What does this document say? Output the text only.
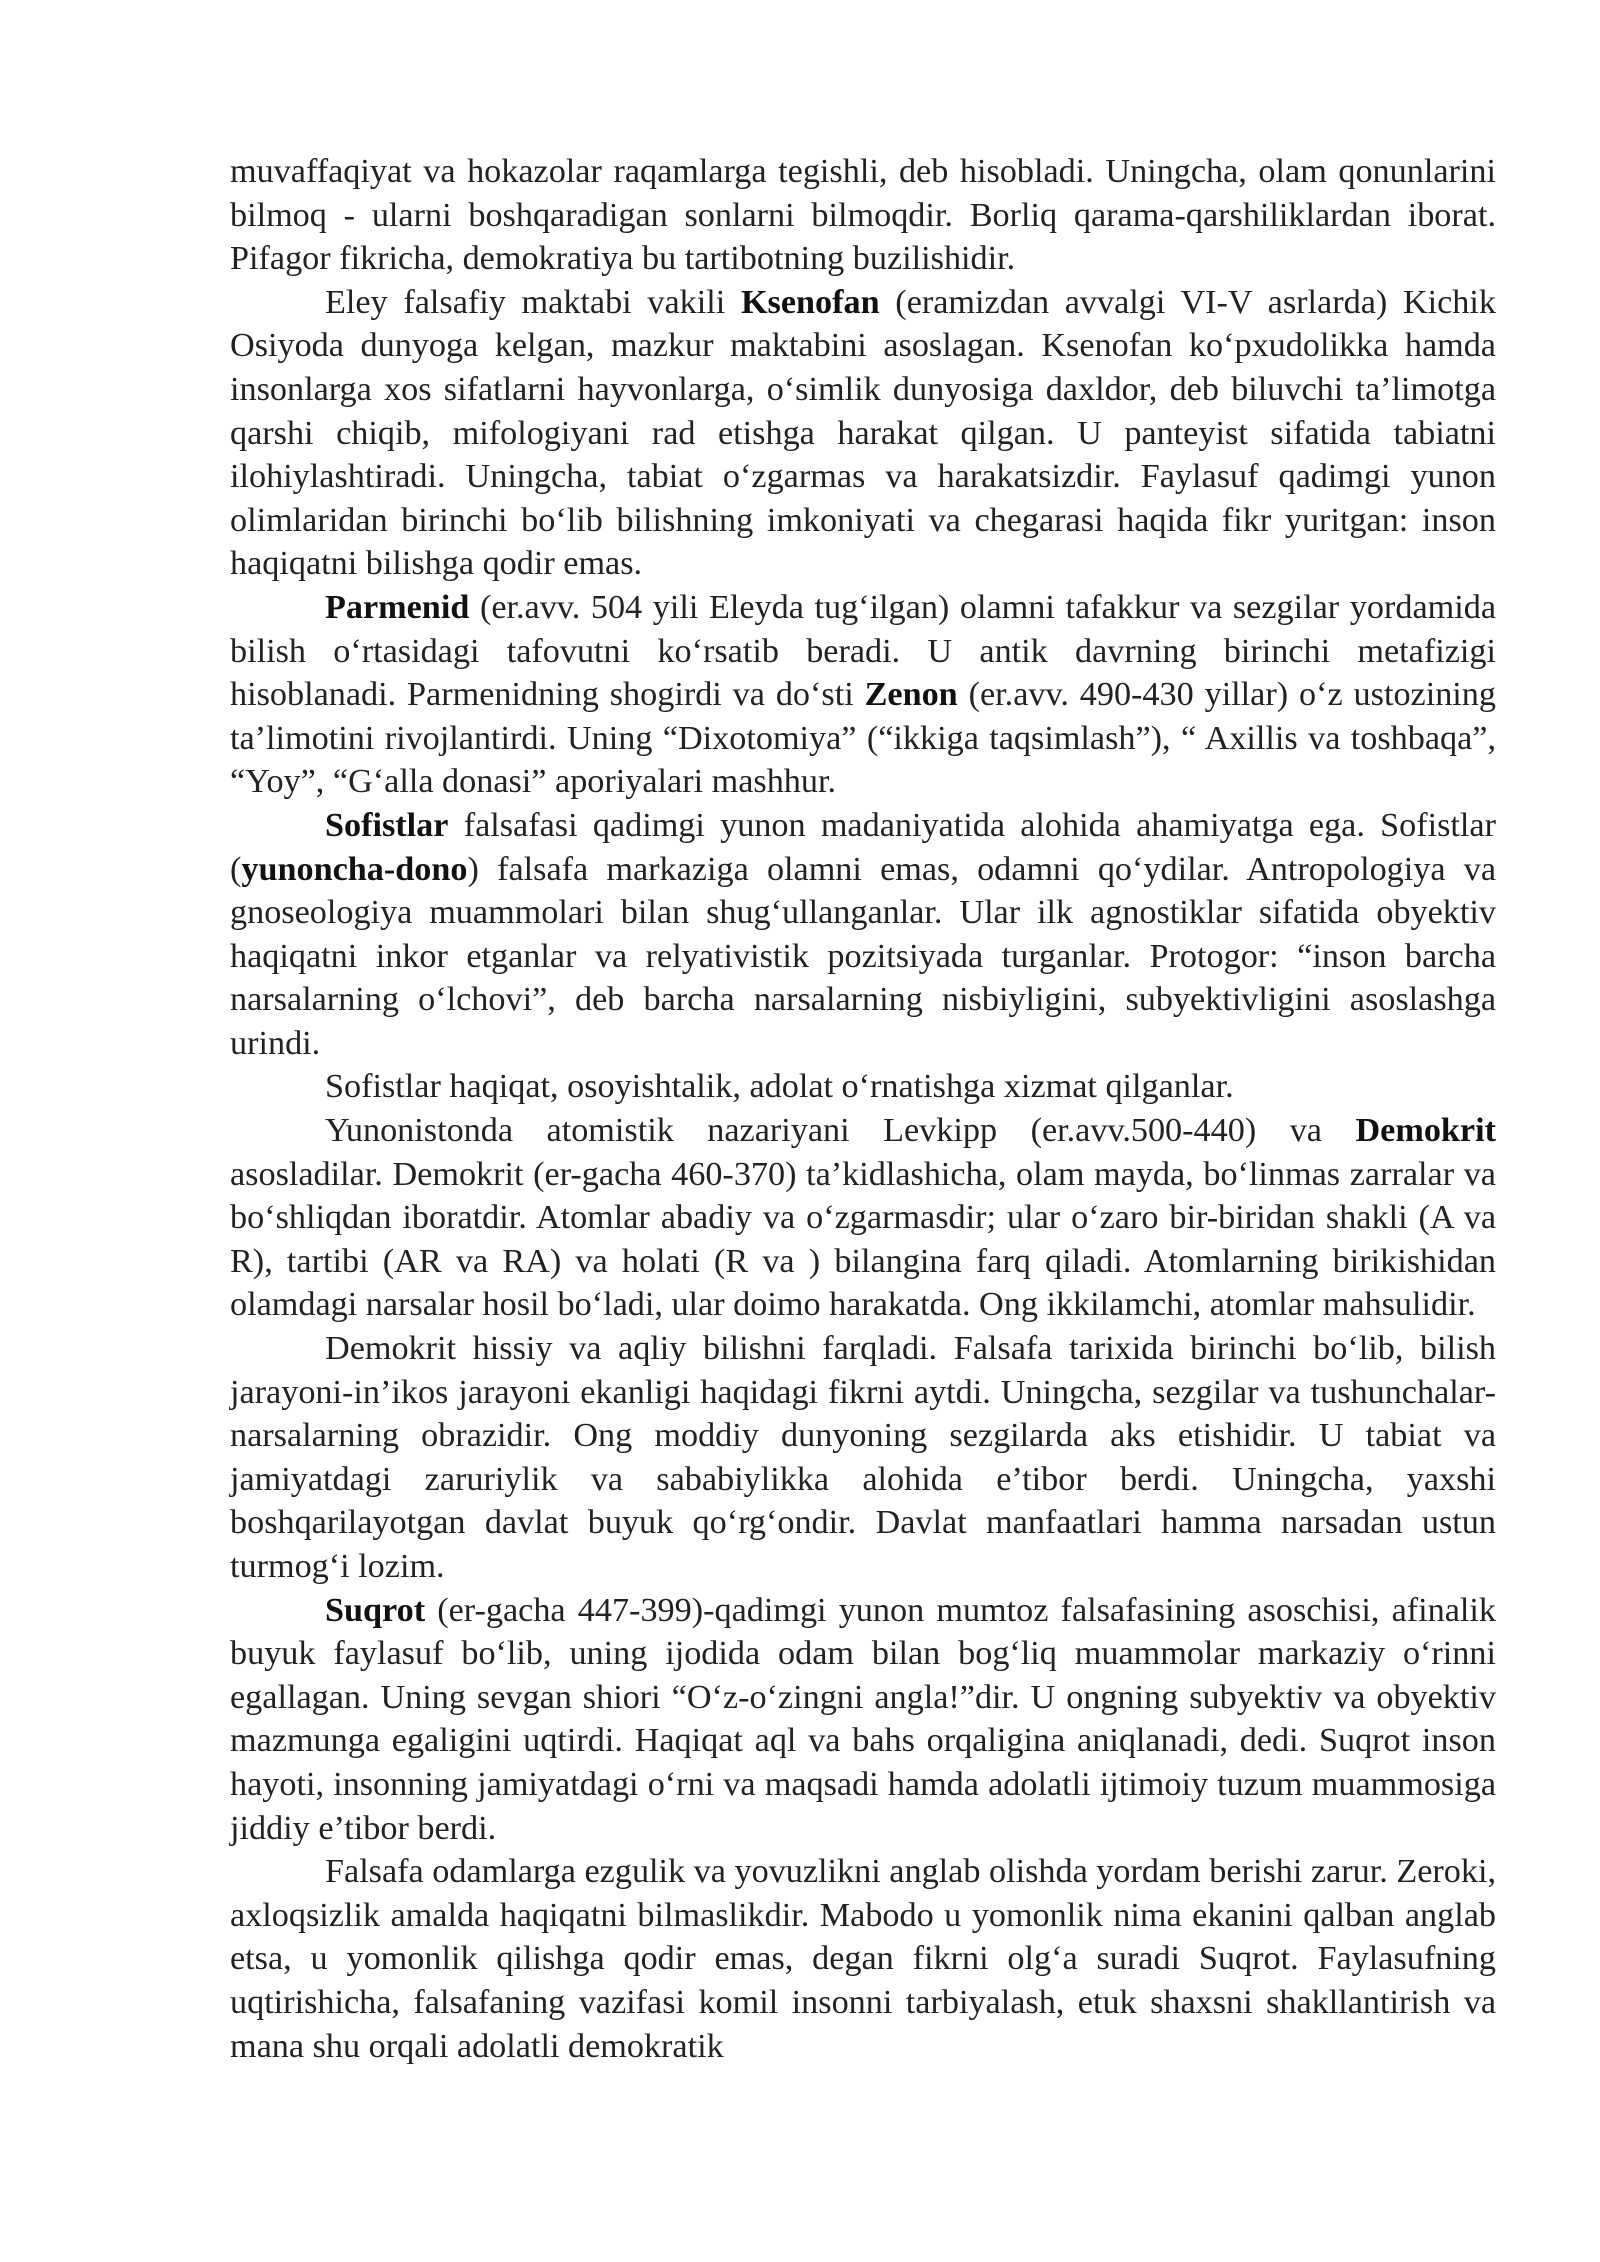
muvaffaqiyat va hokazolar raqamlarga tegishli, deb hisobladi. Uningcha, olam qonunlarini bilmoq - ularni boshqaradigan sonlarni bilmoqdir. Borliq qarama-qarshiliklardan iborat. Pifagor fikricha, demokratiya bu tartibotning buzilishidir.

Eley falsafiy maktabi vakili Ksenofan (eramizdan avvalgi VI-V asrlarda) Kichik Osiyoda dunyoga kelgan, mazkur maktabini asoslagan. Ksenofan ko‘pxudolikka hamda insonlarga xos sifatlarni hayvonlarga, o‘simlik dunyosiga daxldor, deb biluvchi ta’limotga qarshi chiqib, mifologiyani rad etishga harakat qilgan. U panteyist sifatida tabiatni ilohiylashtiradi. Uningcha, tabiat o‘zgarmas va harakatsizdir. Faylasuf qadimgi yunon olimlaridan birinchi bo‘lib bilishning imkoniyati va chegarasi haqida fikr yuritgan: inson haqiqatni bilishga qodir emas.

Parmenid (er.avv. 504 yili Eleyda tug‘ilgan) olamni tafakkur va sezgilar yordamida bilish o‘rtasidagi tafovutni ko‘rsatib beradi. U antik davrning birinchi metafizigi hisoblanadi. Parmenidning shogirdi va do‘sti Zenon (er.avv. 490-430 yillar) o‘z ustozining ta’limotini rivojlantirdi. Uning “Dixotomiya” (“ikkiga taqsimlash”), “ Axillis va toshbaqa”, “Yoy”, “G‘alla donasi” aporiyalari mashhur.

Sofistlar falsafasi qadimgi yunon madaniyatida alohida ahamiyatga ega. Sofistlar (yunoncha-dono) falsafa markaziga olamni emas, odamni qo‘ydilar. Antropologiya va gnoseologiya muammolari bilan shug‘ullanganlar. Ular ilk agnostiklar sifatida obyektiv haqiqatni inkor etganlar va relyativistik pozitsiyada turganlar. Protogor: “inson barcha narsalarning o‘lchovi”, deb barcha narsalarning nisbiyligini, subyektivligini asoslashga urindi.

Sofistlar haqiqat, osoyishtalik, adolat o‘rnatishga xizmat qilganlar.

Yunonistonda atomistik nazariyani Levkipp (er.avv.500-440) va Demokrit asosladilar. Demokrit (er-gacha 460-370) ta’kidlashicha, olam mayda, bo‘linmas zarralar va bo‘shliqdan iboratdir. Atomlar abadiy va o‘zgarmasdir; ular o‘zaro bir-biridan shakli (A va R), tartibi (AR va RA) va holati (R va ) bilangina farq qiladi. Atomlarning birikishidan olamdagi narsalar hosil bo‘ladi, ular doimo harakatda. Ong ikkilamchi, atomlar mahsulidir.

Demokrit hissiy va aqliy bilishni farqladi. Falsafa tarixida birinchi bo‘lib, bilish jarayoni-in’ikos jarayoni ekanligi haqidagi fikrni aytdi. Uningcha, sezgilar va tushunchalar-narsalarning obrazidir. Ong moddiy dunyoning sezgilarda aks etishidir. U tabiat va jamiyatdagi zaruriylik va sababiylikka alohida e’tibor berdi. Uningcha, yaxshi boshqarilayotgan davlat buyuk qo‘rg‘ondir. Davlat manfaatlari hamma narsadan ustun turmog‘i lozim.

Suqrot (er-gacha 447-399)-qadimgi yunon mumtoz falsafasining asoschisi, afinalik buyuk faylasuf bo‘lib, uning ijodida odam bilan bog‘liq muammolar markaziy o‘rinni egallagan. Uning sevgan shiori “O‘z-o‘zingni angla!”dir. U ongning subyektiv va obyektiv mazmunga egaligini uqtirdi. Haqiqat aql va bahs orqaligina aniqlanadi, dedi. Suqrot inson hayoti, insonning jamiyatdagi o‘rni va maqsadi hamda adolatli ijtimoiy tuzum muammosiga jiddiy e’tibor berdi.

Falsafa odamlarga ezgulik va yovuzlikni anglab olishda yordam berishi zarur. Zeroki, axloqsizlik amalda haqiqatni bilmaslikdir. Mabodo u yomonlik nima ekanini qalban anglab etsa, u yomonlik qilishga qodir emas, degan fikrni olg‘a suradi Suqrot. Faylasufning uqtirishicha, falsafaning vazifasi komil insonni tarbiyalash, etuk shaxsni shakllantirish va mana shu orqali adolatli demokratik
